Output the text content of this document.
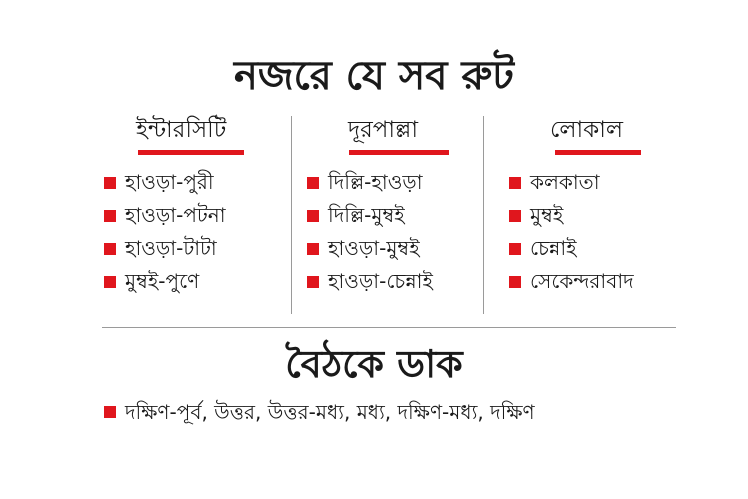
নজরে যে সব রুট
ইন্টারসিটি
হাওড়া-পুরী
হাওড়া-পটনা
হাওড়া-টাটা
মুম্বই-পুণে
দূরপাল্লা
দিল্লি-হাওড়া
দিল্লি-মুম্বই
হাওড়া-মুম্বই
হাওড়া-চেন্নাই
লোকাল
কলকাতা
মুম্বই
চেন্নাই
সেকেন্দরাবাদ
বৈঠকে ডাক
দক্ষিণ-পূর্ব, উত্তর, উত্তর-মধ্য, মধ্য, দক্ষিণ-মধ্য, দক্ষিণ
